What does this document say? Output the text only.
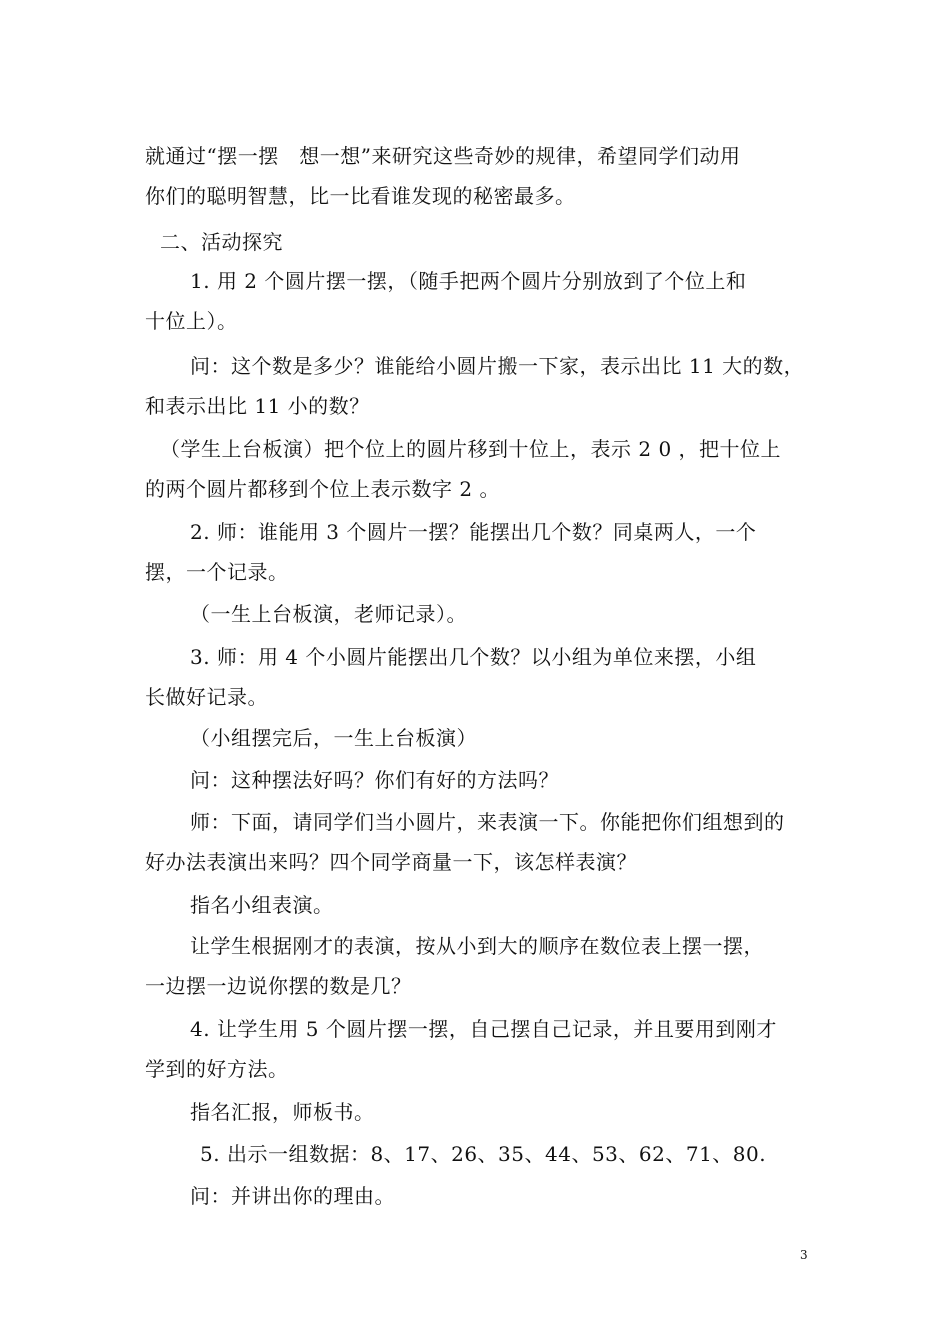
就通过“摆一摆　想一想”来研究这些奇妙的规律，希望同学们动用
你们的聪明智慧，比一比看谁发现的秘密最多。
二、活动探究
1. 用 2 个圆片摆一摆，（随手把两个圆片分别放到了个位上和
十位上）。
问：这个数是多少？谁能给小圆片搬一下家，表示出比 11 大的数，
和表示出比 11 小的数？
（学生上台板演）把个位上的圆片移到十位上，表示 2 0 ，把十位上
的两个圆片都移到个位上表示数字 2 。
2. 师：谁能用 3 个圆片一摆？能摆出几个数？同桌两人，一个
摆，一个记录。
（一生上台板演，老师记录）。
3. 师：用 4 个小圆片能摆出几个数？以小组为单位来摆，小组
长做好记录。
（小组摆完后，一生上台板演）
问：这种摆法好吗？你们有好的方法吗？
师：下面，请同学们当小圆片，来表演一下。你能把你们组想到的
好办法表演出来吗？四个同学商量一下，该怎样表演？
指名小组表演。
让学生根据刚才的表演，按从小到大的顺序在数位表上摆一摆，
一边摆一边说你摆的数是几？
4. 让学生用 5 个圆片摆一摆，自己摆自己记录，并且要用到刚才
学到的好方法。
指名汇报，师板书。
5. 出示一组数据：8、17、26、35、44、53、62、71、80.
问：并讲出你的理由。
3
